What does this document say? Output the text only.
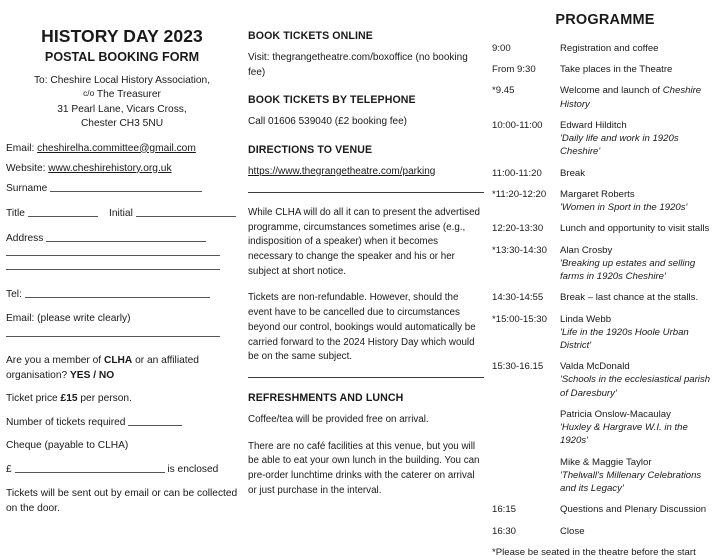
HISTORY DAY 2023
POSTAL BOOKING FORM
To: Cheshire Local History Association,
c/o The Treasurer
31 Pearl Lane, Vicars Cross,
Chester CH3 5NU

Email: cheshirelha.committee@gmail.com

Website: www.cheshirehistory.org.uk

Surname

Title	Initial

Address

Tel:

Email: (please write clearly)

Are you a member of CLHA or an affiliated organisation? YES / NO

Ticket price £15 per person.

Number of tickets required

Cheque (payable to CLHA)

£	is enclosed

Tickets will be sent out by email or can be collected on the door.

BOOK TICKETS ONLINE

Visit: thegrangetheatre.com/boxoffice (no booking fee)

BOOK TICKETS BY TELEPHONE

Call 01606 539040 (£2 booking fee)

DIRECTIONS TO VENUE

https://www.thegrangetheatre.com/parking

While CLHA will do all it can to present the advertised programme, circumstances sometimes arise (e.g., indisposition of a speaker) when it becomes necessary to change the speaker and his or her subject at short notice.

Tickets are non-refundable. However, should the event have to be cancelled due to circumstances beyond our control, bookings would automatically be carried forward to the 2024 History Day which would be on the same subject.

REFRESHMENTS AND LUNCH

Coffee/tea will be provided free on arrival.

There are no café facilities at this venue, but you will be able to eat your own lunch in the building. You can pre-order lunchtime drinks with the caterer on arrival or just purchase in the interval.

PROGRAMME
9:00	Registration and coffee

From 9:30	Take places in the Theatre

*9.45	Welcome and launch of Cheshire History

10:00-11:00	Edward Hilditch
'Daily life and work in 1920s Cheshire'

11:00-11:20	Break

*11:20-12:20	Margaret Roberts
'Women in Sport in the 1920s'

12:20-13:30	Lunch and opportunity to visit stalls

*13:30-14:30	Alan Crosby
'Breaking up estates and selling farms in 1920s Cheshire'

14:30-14:55	Break – last chance at the stalls.

*15:00-15:30	Linda Webb
'Life in the 1920s Hoole Urban District'

15:30-16.15	Valda McDonald
'Schools in the ecclesiastical parish of Daresbury'
Patricia Onslow-Macaulay
'Huxley & Hargrave W.I. in the 1920s'
Mike & Maggie Taylor
'Thelwall's Millenary Celebrations and its Legacy'

16:15	Questions and Plenary Discussion

16:30	Close

*Please be seated in the theatre before the start
